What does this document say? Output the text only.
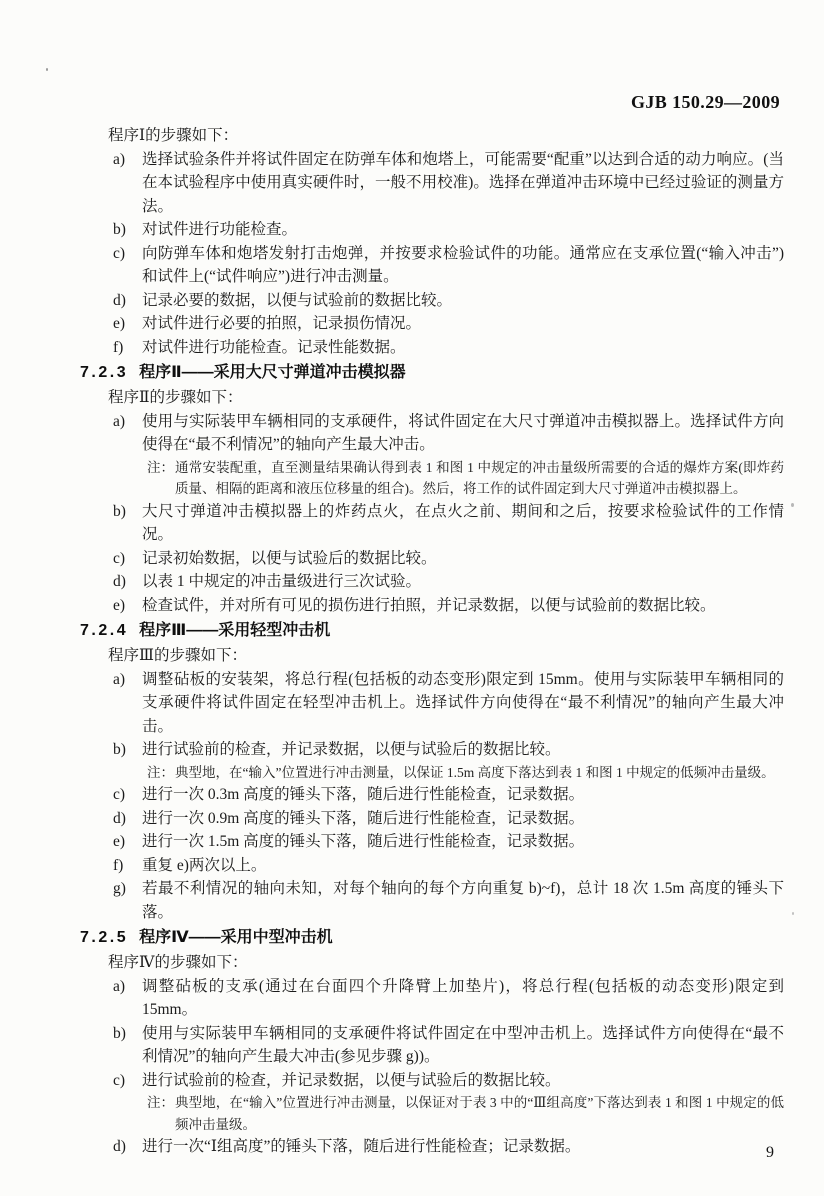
GJB 150.29—2009

程序Ⅰ的步骤如下：

a)	选择试验条件并将试件固定在防弹车体和炮塔上，可能需要“配重”以达到合适的动力响应。(当在本试验程序中使用真实硬件时，一般不用校准)。选择在弹道冲击环境中已经过验证的测量方法。
b)	对试件进行功能检查。
c)	向防弹车体和炮塔发射打击炮弹，并按要求检验试件的功能。通常应在支承位置(“输入冲击”)和试件上(“试件响应”)进行冲击测量。
d)	记录必要的数据，以便与试验前的数据比较。
e)	对试件进行必要的拍照，记录损伤情况。
f)	对试件进行功能检查。记录性能数据。
7.2.3 程序Ⅱ——采用大尺寸弹道冲击模拟器

程序Ⅱ的步骤如下：

a)	使用与实际装甲车辆相同的支承硬件，将试件固定在大尺寸弹道冲击模拟器上。选择试件方向使得在“最不利情况”的轴向产生最大冲击。
注： 通常安装配重，直至测量结果确认得到表 1 和图 1 中规定的冲击量级所需要的合适的爆炸方案(即炸药质量、相隔的距离和液压位移量的组合)。然后，将工作的试件固定到大尺寸弹道冲击模拟器上。
b)	大尺寸弹道冲击模拟器上的炸药点火，在点火之前、期间和之后，按要求检验试件的工作情况。
c)	记录初始数据，以便与试验后的数据比较。
d)	以表 1 中规定的冲击量级进行三次试验。
e)	检查试件，并对所有可见的损伤进行拍照，并记录数据，以便与试验前的数据比较。
7.2.4 程序Ⅲ——采用轻型冲击机

程序Ⅲ的步骤如下：

a)	调整砧板的安装架，将总行程(包括板的动态变形)限定到 15mm。使用与实际装甲车辆相同的支承硬件将试件固定在轻型冲击机上。选择试件方向使得在“最不利情况”的轴向产生最大冲击。
b)	进行试验前的检查，并记录数据，以便与试验后的数据比较。
注： 典型地，在“输入”位置进行冲击测量，以保证 1.5m 高度下落达到表 1 和图 1 中规定的低频冲击量级。
c)	进行一次 0.3m 高度的锤头下落，随后进行性能检查，记录数据。
d)	进行一次 0.9m 高度的锤头下落，随后进行性能检查，记录数据。
e)	进行一次 1.5m 高度的锤头下落，随后进行性能检查，记录数据。
f)	重复 e)两次以上。
g)	若最不利情况的轴向未知，对每个轴向的每个方向重复 b)~f)，总计 18 次 1.5m 高度的锤头下落。
7.2.5 程序Ⅳ——采用中型冲击机

程序Ⅳ的步骤如下：

a)	调整砧板的支承(通过在台面四个升降臂上加垫片)，将总行程(包括板的动态变形)限定到 15mm。
b)	使用与实际装甲车辆相同的支承硬件将试件固定在中型冲击机上。选择试件方向使得在“最不利情况”的轴向产生最大冲击(参见步骤 g))。
c)	进行试验前的检查，并记录数据，以便与试验后的数据比较。
注： 典型地，在“输入”位置进行冲击测量，以保证对于表 3 中的“Ⅲ组高度”下落达到表 1 和图 1 中规定的低频冲击量级。
d)	进行一次“Ⅰ组高度”的锤头下落，随后进行性能检查；记录数据。	9
